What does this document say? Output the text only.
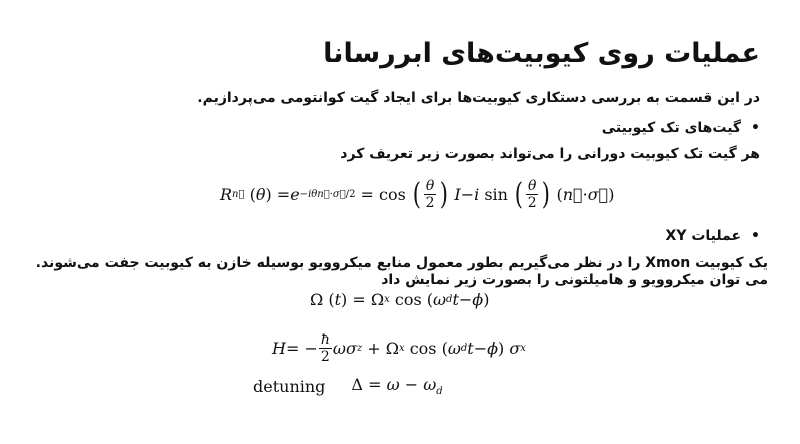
عملیات روی کیوبیت‌های ابررسانا
در این قسمت به بررسی دستکاری کیوبیت‌ها برای ایجاد گیت کوانتومی می‌پردازیم.
•گیت‌های تک کیوبیتی
هر گیت تک کیوبیت دورانی را می‌تواند بصورت زیر تعریف کرد
R n⃗ ( θ ) = e −iθn⃗·σ⃗/2 = cos ( $\frac{\theta}{2}$ )
I − i sin ( $\frac{\theta}{2}$ ) ( n⃗ · σ⃗ )
•عملیات XY
یک کیوبیت Xmon را در نظر می‌گیریم بطور معمول منابع میکروویو بوسیله خازن به کیوبیت جفت می‌شوند. می توان میکروویو و هامیلتونی را بصورت زیر نمایش داد
Ω ( t ) = Ω x cos ( ω d t − ϕ )
H = − $\frac{ħ}{2}$ ωσ z + Ω x cos ( ω d t − ϕ ) σ x
detuning $\Delta = \omega - \omega_d$
